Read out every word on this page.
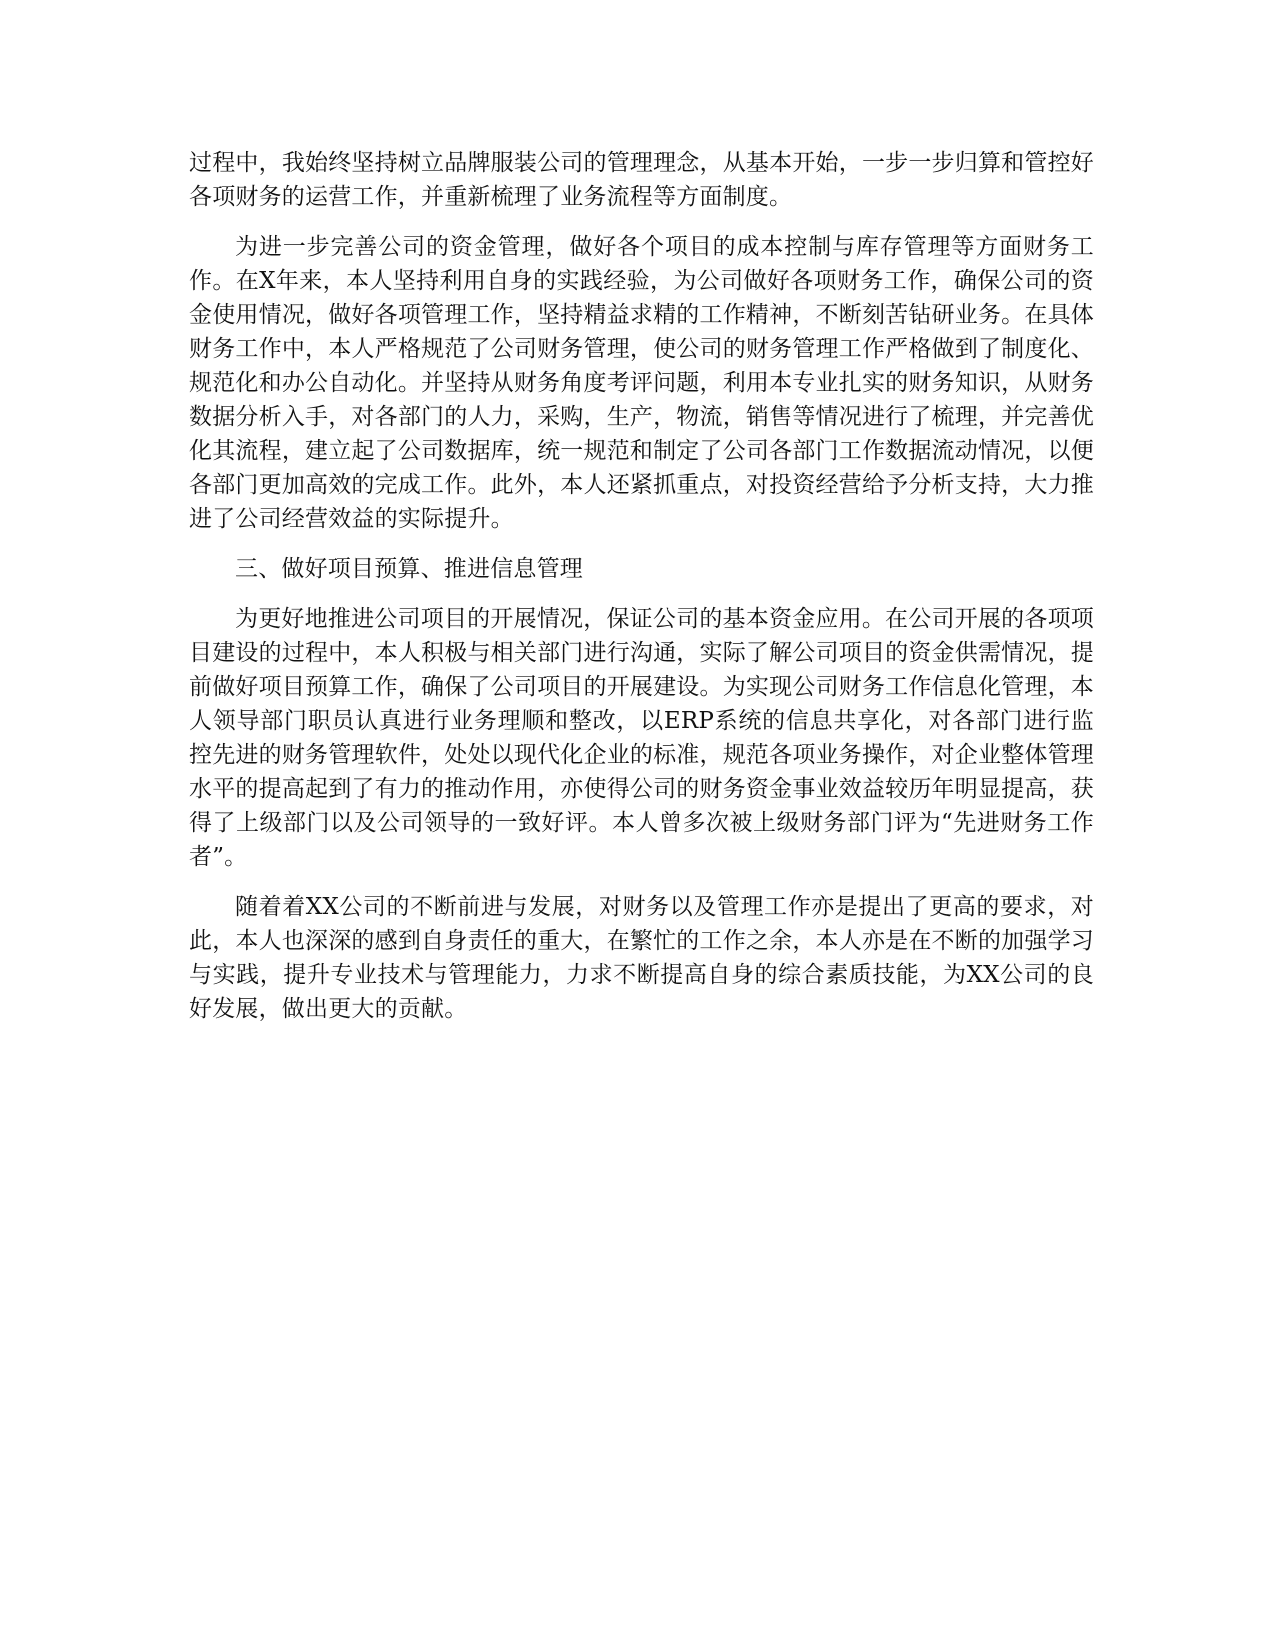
过程中，我始终坚持树立品牌服装公司的管理理念，从基本开始，一步一步归算和管控好各项财务的运营工作，并重新梳理了业务流程等方面制度。

为进一步完善公司的资金管理，做好各个项目的成本控制与库存管理等方面财务工作。在X年来，本人坚持利用自身的实践经验，为公司做好各项财务工作，确保公司的资金使用情况，做好各项管理工作，坚持精益求精的工作精神，不断刻苦钻研业务。在具体财务工作中，本人严格规范了公司财务管理，使公司的财务管理工作严格做到了制度化、规范化和办公自动化。并坚持从财务角度考评问题，利用本专业扎实的财务知识，从财务数据分析入手，对各部门的人力，采购，生产，物流，销售等情况进行了梳理，并完善优化其流程，建立起了公司数据库，统一规范和制定了公司各部门工作数据流动情况，以便各部门更加高效的完成工作。此外，本人还紧抓重点，对投资经营给予分析支持，大力推进了公司经营效益的实际提升。

三、做好项目预算、推进信息管理

为更好地推进公司项目的开展情况，保证公司的基本资金应用。在公司开展的各项项目建设的过程中，本人积极与相关部门进行沟通，实际了解公司项目的资金供需情况，提前做好项目预算工作，确保了公司项目的开展建设。为实现公司财务工作信息化管理，本人领导部门职员认真进行业务理顺和整改，以ERP系统的信息共享化，对各部门进行监控先进的财务管理软件，处处以现代化企业的标准，规范各项业务操作，对企业整体管理水平的提高起到了有力的推动作用，亦使得公司的财务资金事业效益较历年明显提高，获得了上级部门以及公司领导的一致好评。本人曾多次被上级财务部门评为“先进财务工作者”。

随着着XX公司的不断前进与发展，对财务以及管理工作亦是提出了更高的要求，对此，本人也深深的感到自身责任的重大，在繁忙的工作之余，本人亦是在不断的加强学习与实践，提升专业技术与管理能力，力求不断提高自身的综合素质技能，为XX公司的良好发展，做出更大的贡献。
